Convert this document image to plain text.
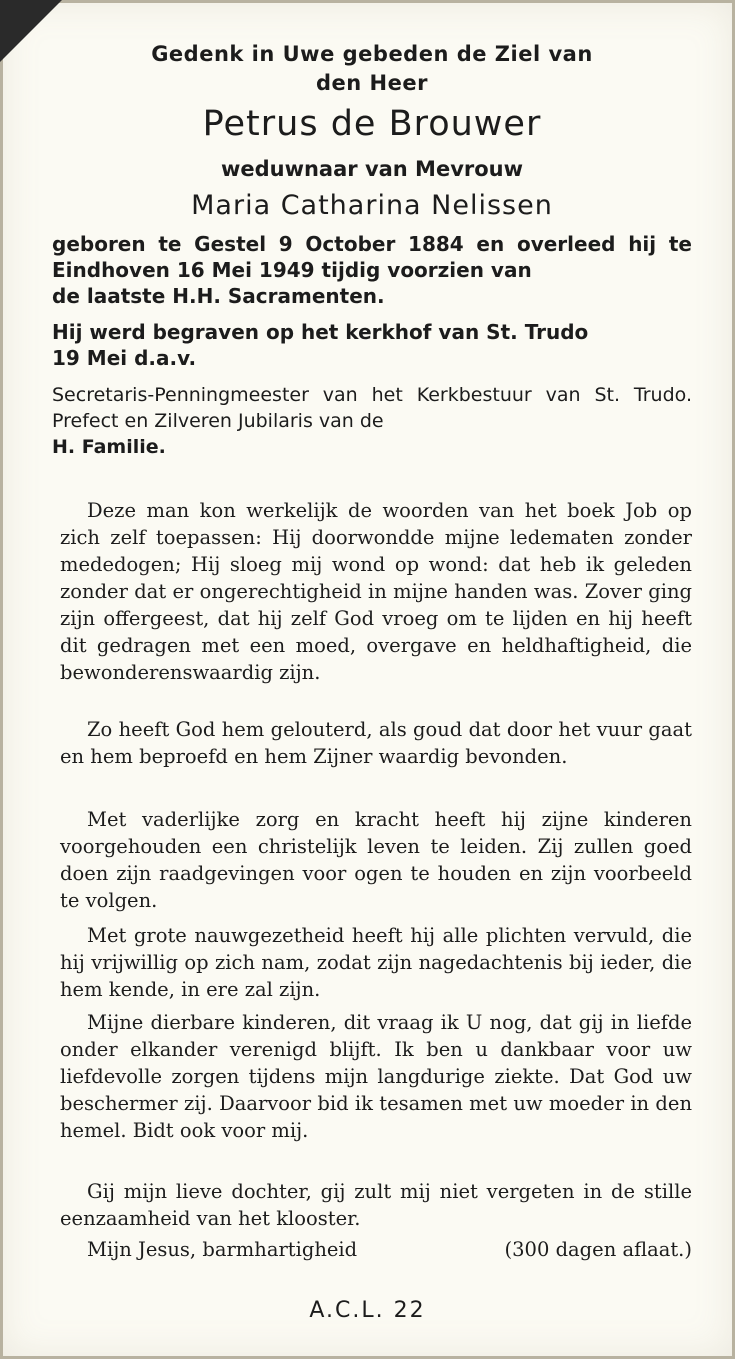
Gedenk in Uwe gebeden de Ziel van
den Heer
Petrus de Brouwer
weduwnaar van Mevrouw
Maria Catharina Nelissen
geboren te Gestel 9 October 1884 en overleed hij te Eindhoven 16 Mei 1949 tijdig voorzien van
de laatste H.H. Sacramenten.
Hij werd begraven op het kerkhof van St. Trudo
19 Mei d.a.v.
Secretaris-Penningmeester van het Kerkbestuur van St. Trudo. Prefect en Zilveren Jubilaris van de
H. Familie.

Deze man kon werkelijk de woorden van het boek Job op zich zelf toepassen: Hij doorwondde mijne ledematen zonder mededogen; Hij sloeg mij wond op wond: dat heb ik geleden zonder dat er ongerechtigheid in mijne handen was. Zover ging zijn offergeest, dat hij zelf God vroeg om te lijden en hij heeft dit gedragen met een moed, overgave en heldhaftigheid, die bewonderenswaardig zijn.

Zo heeft God hem gelouterd, als goud dat door het vuur gaat en hem beproefd en hem Zijner waardig bevonden.

Met vaderlijke zorg en kracht heeft hij zijne kinderen voorgehouden een christelijk leven te leiden. Zij zullen goed doen zijn raadgevingen voor ogen te houden en zijn voorbeeld te volgen.

Met grote nauwgezetheid heeft hij alle plichten vervuld, die hij vrijwillig op zich nam, zodat zijn nagedachtenis bij ieder, die hem kende, in ere zal zijn.

Mijne dierbare kinderen, dit vraag ik U nog, dat gij in liefde onder elkander verenigd blijft. Ik ben u dankbaar voor uw liefdevolle zorgen tijdens mijn langdurige ziekte. Dat God uw beschermer zij. Daarvoor bid ik tesamen met uw moeder in den hemel. Bidt ook voor mij.

Gij mijn lieve dochter, gij zult mij niet vergeten in de stille eenzaamheid van het klooster.

Mijn Jesus, barmhartigheid	(300 dagen aflaat.)
A.C.L. 22
